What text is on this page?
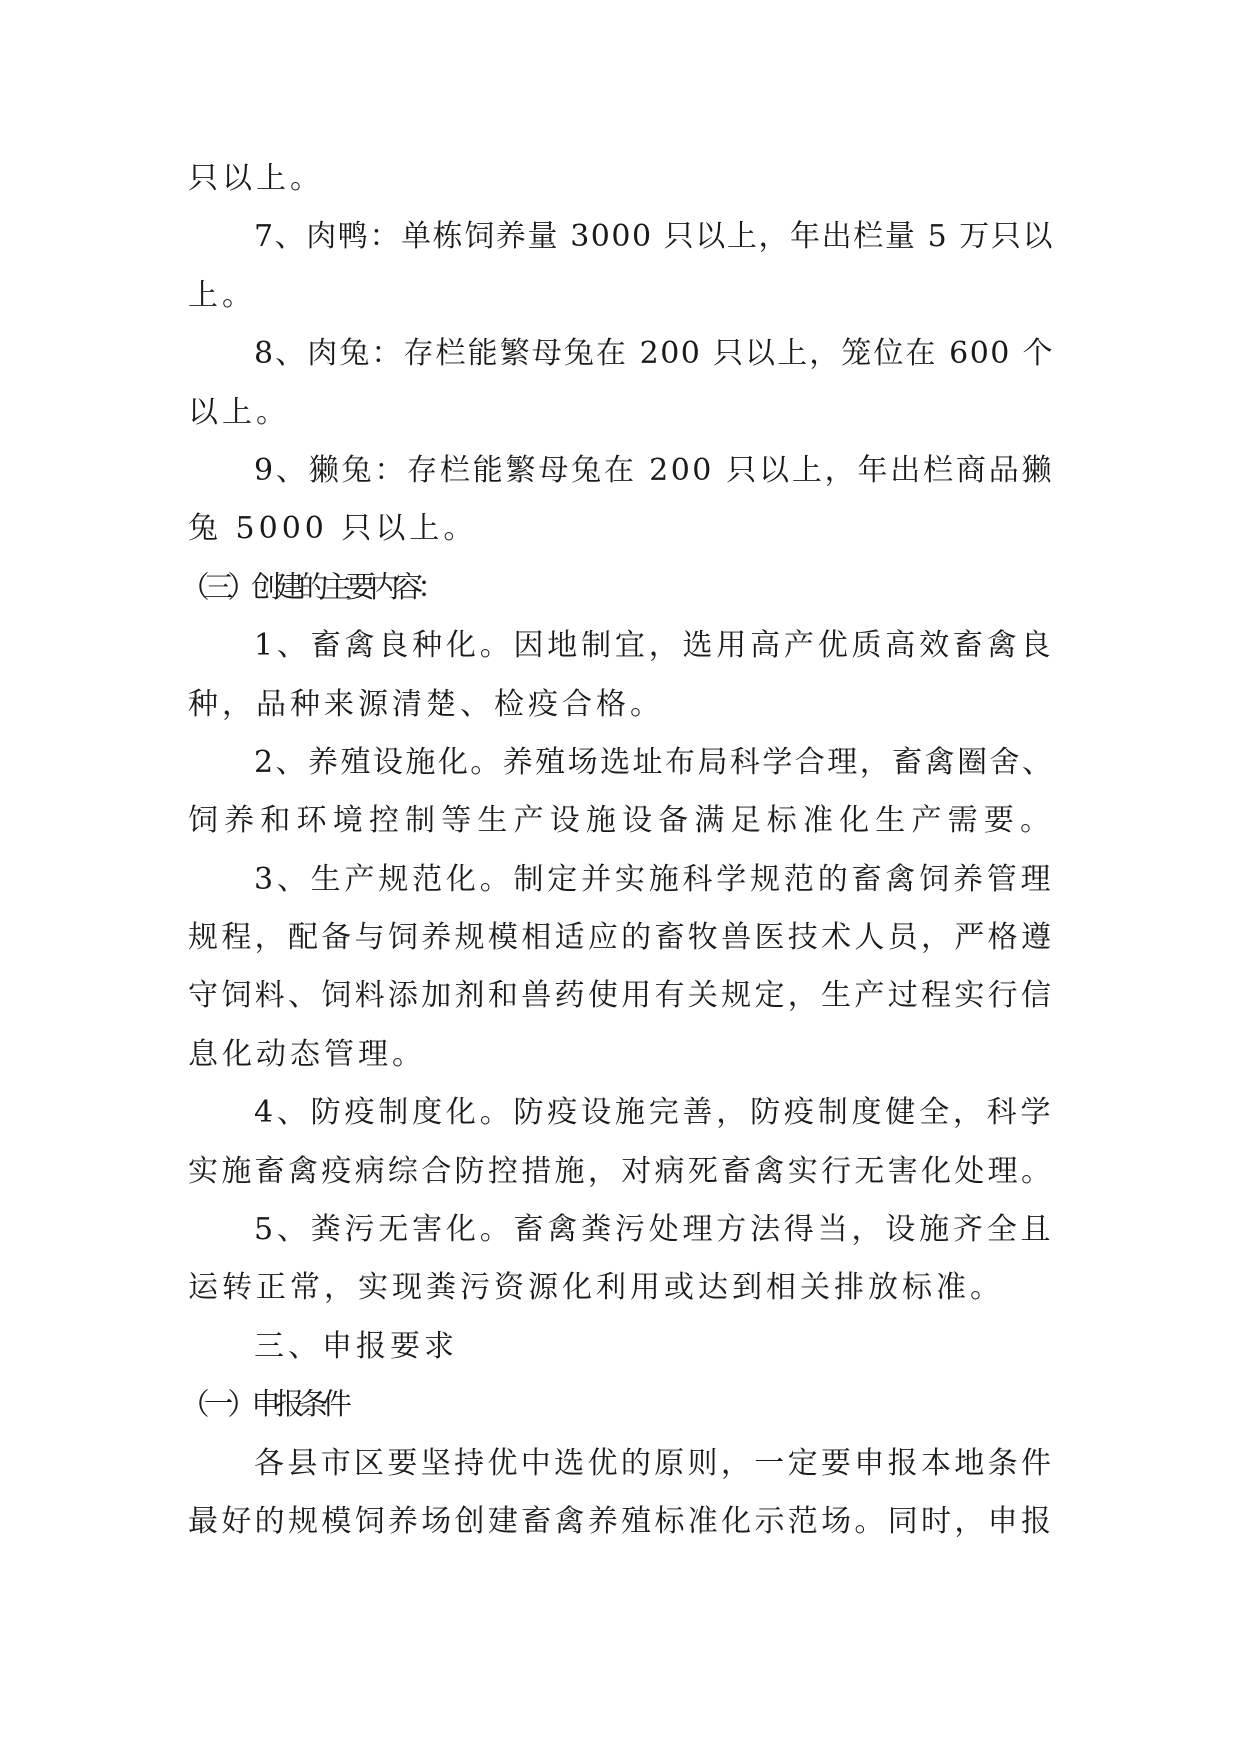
只以上。
7、肉鸭：单栋饲养量 3000 只以上，年出栏量 5 万只以
上。
8、肉兔：存栏能繁母兔在 200 只以上，笼位在 600 个
以上。
9、獭兔：存栏能繁母兔在 200 只以上，年出栏商品獭
兔 5000 只以上。
（三）创建的主要内容：
1、畜禽良种化。因地制宜，选用高产优质高效畜禽良
种，品种来源清楚、检疫合格。
2、养殖设施化。养殖场选址布局科学合理，畜禽圈舍、
饲养和环境控制等生产设施设备满足标准化生产需要。
3、生产规范化。制定并实施科学规范的畜禽饲养管理
规程，配备与饲养规模相适应的畜牧兽医技术人员，严格遵
守饲料、饲料添加剂和兽药使用有关规定，生产过程实行信
息化动态管理。
4、防疫制度化。防疫设施完善，防疫制度健全，科学
实施畜禽疫病综合防控措施，对病死畜禽实行无害化处理。
5、粪污无害化。畜禽粪污处理方法得当，设施齐全且
运转正常，实现粪污资源化利用或达到相关排放标准。
三、申报要求
（一）申报条件
各县市区要坚持优中选优的原则，一定要申报本地条件
最好的规模饲养场创建畜禽养殖标准化示范场。同时，申报
